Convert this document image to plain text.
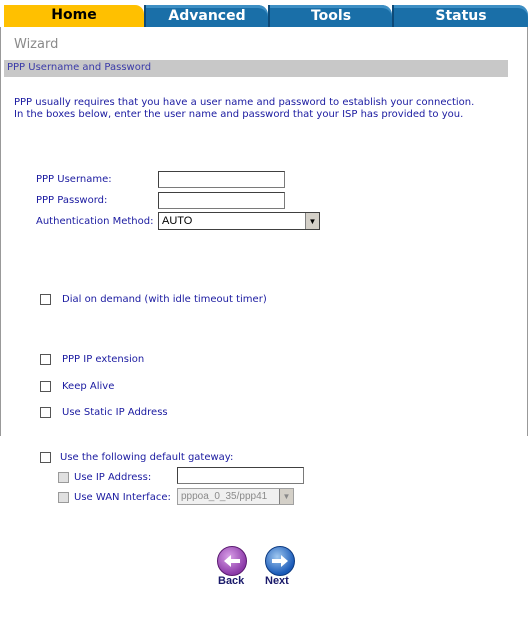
Home	Advanced	Tools	Status
Wizard
PPP Username and Password
PPP usually requires that you have a user name and password to establish your connection.
In the boxes below, enter the user name and password that your ISP has provided to you.
PPP Username:
PPP Password:
Authentication Method: AUTO	▼
Dial on demand (with idle timeout timer)
PPP IP extension
Keep Alive
Use Static IP Address
Use the following default gateway:
Use IP Address:
Use WAN Interface: pppoa_0_35/ppp41	▼
Back Next
